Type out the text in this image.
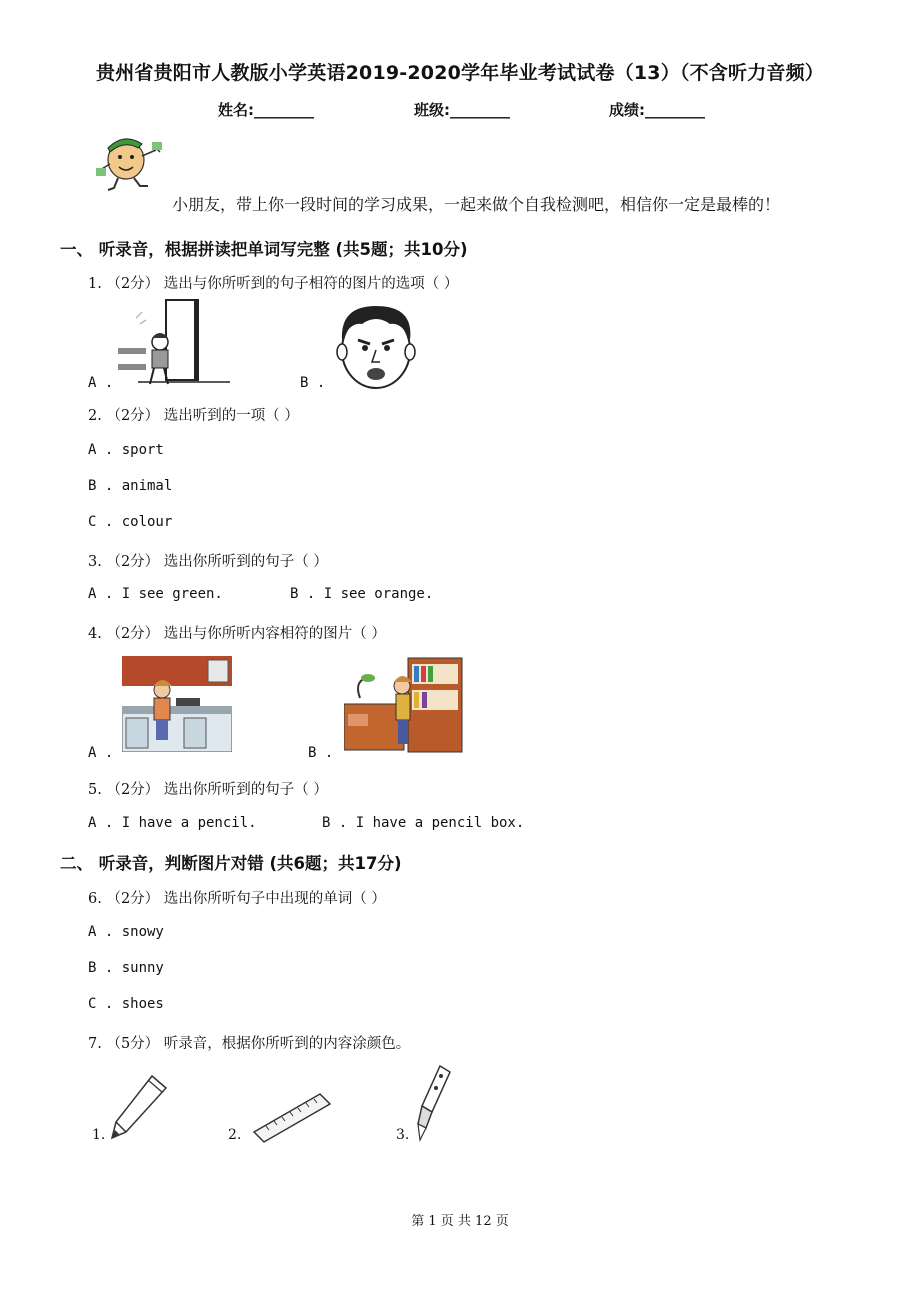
贵州省贵阳市人教版小学英语2019-2020学年毕业考试试卷（13）（不含听力音频）
姓名:________	班级:________	成绩:________
小朋友，带上你一段时间的学习成果，一起来做个自我检测吧，相信你一定是最棒的！
一、 听录音，根据拼读把单词写完整 (共5题；共10分)
1. （2分） 选出与你所听到的句子相符的图片的选项（ ）
A .	B .
2. （2分） 选出听到的一项（ ）
A . sport
B . animal
C . colour
3. （2分） 选出你所听到的句子（ ）
A . I see green.	B . I see orange.
4. （2分） 选出与你所听内容相符的图片（ ）
A .	B .
5. （2分） 选出你所听到的句子（ ）
A . I have a pencil.	B . I have a pencil box.
二、 听录音，判断图片对错 (共6题；共17分)
6. （2分） 选出你所听句子中出现的单词（ ）
A . snowy
B . sunny
C . shoes
7. （5分） 听录音，根据你所听到的内容涂颜色。
1.	2.	3.
第 1 页 共 12 页
